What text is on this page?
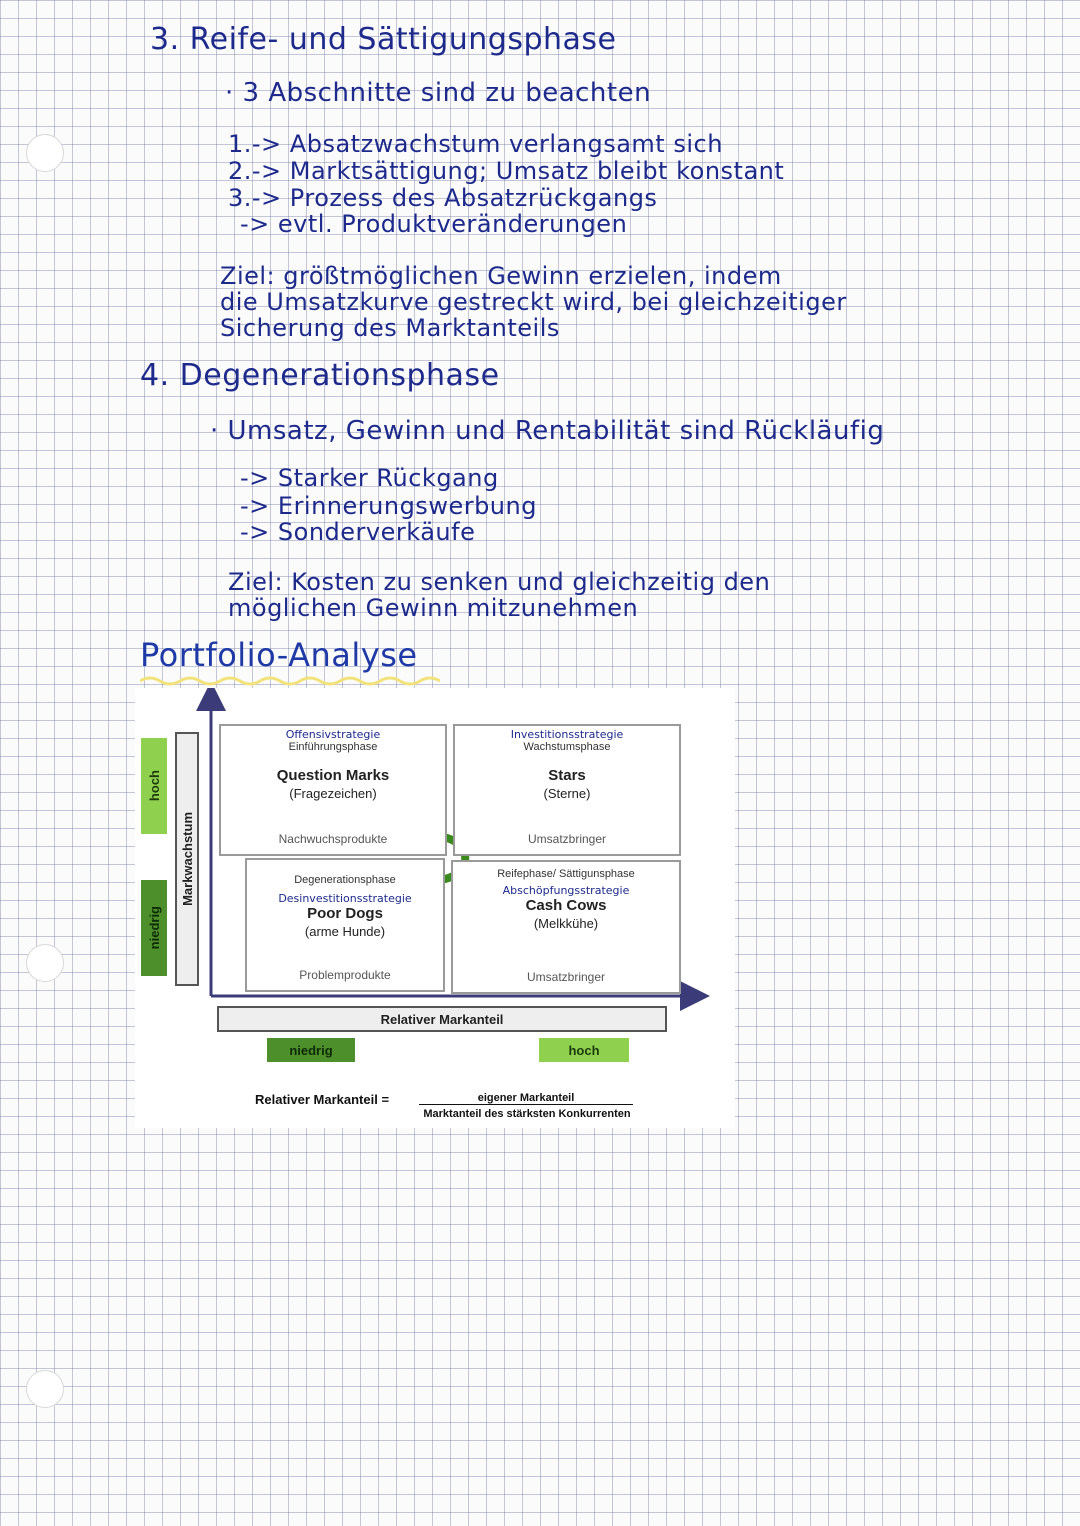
3. Reife- und Sättigungsphase
· 3 Abschnitte sind zu beachten
1.-> Absatzwachstum verlangsamt sich
2.-> Marktsättigung; Umsatz bleibt konstant
3.-> Prozess des Absatzrückgangs
-> evtl. Produktveränderungen
Ziel: größtmöglichen Gewinn erzielen, indem
die Umsatzkurve gestreckt wird, bei gleichzeitiger
Sicherung des Marktanteils
4. Degenerationsphase
· Umsatz, Gewinn und Rentabilität sind Rückläufig
-> Starker Rückgang
-> Erinnerungswerbung
-> Sonderverkäufe
Ziel: Kosten zu senken und gleichzeitig den
möglichen Gewinn mitzunehmen
Portfolio-Analyse
hoch
niedrig
Markwachstum
Offensivstrategie
Einführungsphase
Question Marks
(Fragezeichen)
Nachwuchsprodukte
Investitionsstrategie
Wachstumsphase
Stars
(Sterne)
Umsatzbringer
Degenerationsphase
Desinvestitionsstrategie
Poor Dogs
(arme Hunde)
Problemprodukte
Reifephase/ Sättigunsphase
Abschöpfungsstrategie
Cash Cows
(Melkkühe)
Umsatzbringer
Relativer Markanteil
niedrig	hoch
Relativer Markanteil =	eigener Markanteil
Marktanteil des stärksten Konkurrenten
